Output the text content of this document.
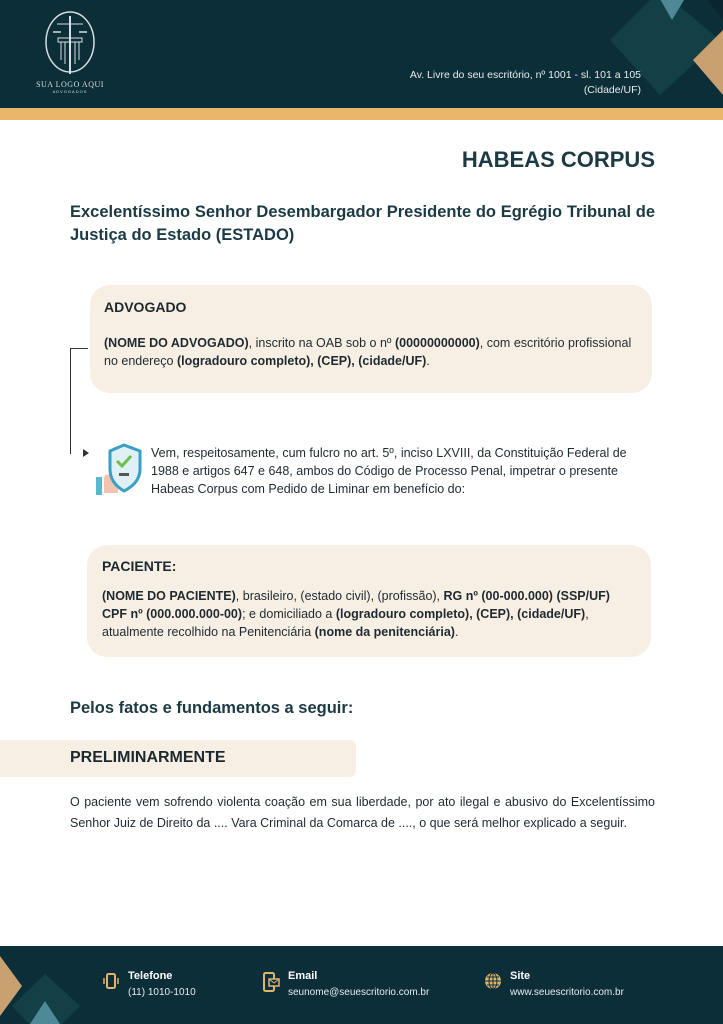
SUA LOGO AQUI
ADVOGADOS
Av. Livre do seu escritório, nº 1001 - sl. 101 a 105
(Cidade/UF)
HABEAS CORPUS
Excelentíssimo Senhor Desembargador Presidente do Egrégio Tribunal de Justiça do Estado (ESTADO)
ADVOGADO

(NOME DO ADVOGADO), inscrito na OAB sob o nº (00000000000), com escritório profissional no endereço (logradouro completo), (CEP), (cidade/UF).

Vem, respeitosamente, cum fulcro no art. 5º, inciso LXVIII, da Constituição Federal de 1988 e artigos 647 e 648, ambos do Código de Processo Penal, impetrar o presente Habeas Corpus com Pedido de Liminar em benefício do:

PACIENTE:

(NOME DO PACIENTE), brasileiro, (estado civil), (profissão), RG nº (00-000.000) (SSP/UF) CPF nº (000.000.000-00); e domiciliado a (logradouro completo), (CEP), (cidade/UF), atualmente recolhido na Penitenciária (nome da penitenciária).

Pelos fatos e fundamentos a seguir:
PRELIMINARMENTE

O paciente vem sofrendo violenta coação em sua liberdade, por ato ilegal e abusivo do Excelentíssimo Senhor Juiz de Direito da .... Vara Criminal da Comarca de ...., o que será melhor explicado a seguir.

Telefone
(11) 1010-1010
Email
seunome@seuescritorio.com.br
Site
www.seuescritorio.com.br
